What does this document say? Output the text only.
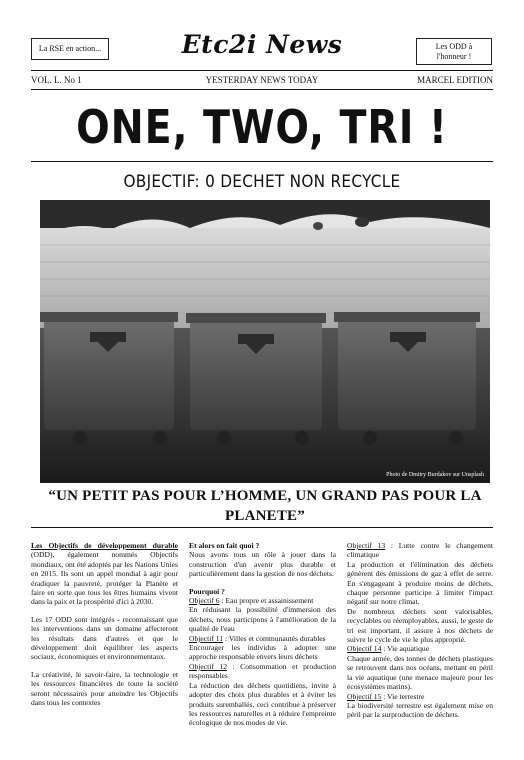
La RSE en action...	Etc2i News	Les ODD à
l'honneur !
YESTERDAY NEWS TODAY
VOL. L. No 1	MARCEL EDITION
ONE, TWO, TRI !
OBJECTIF: 0 DECHET NON RECYCLE
Photo de Dmitry Burdakov sur Unsplash
“UN PETIT PAS POUR L’HOMME, UN GRAND PAS POUR LA
PLANETE”

Les Objectifs de développement durable (ODD), également nommés Objectifs mondiaux, ont été adoptés par les Nations Unies en 2015. Ils sont un appel mondial à agir pour éradiquer la pauvreté, protéger la Planète et faire en sorte que tous les êtres humains vivent dans la paix et la prospérité d'ici à 2030.

Les 17 ODD sont intégrés - reconnaissant que les interventions dans un domaine affecteront les résultats dans d'autres et que le développement doit équilibrer les aspects sociaux, économiques et environnementaux.

La créativité, le savoir-faire, la technologie et les ressources financières de toute la société seront nécessaires pour atteindre les Objectifs dans tous les contextes

Et alors on fait quoi ?

Nous avons tous un rôle à jouer dans la construction d'un avenir plus durable et particulièrement dans la gestion de nos déchets.

Pourquoi ?

Objectif 6 : Eau propre et assainissement

En réduisant la possibilité d'immersion des déchets, nous participons à l'amélioration de la qualité de l'eau

Objectif 11 : Villes et communautés durables

Encourager les individus à adopter une approche responsable envers leurs déchets

Objectif 12 : Consommation et production responsables

La réduction des déchets quotidiens, invite à adopter des choix plus durables et à éviter les produits suremballés, ceci contribue à préserver les ressources naturelles et à réduire l'empreinte écologique de nos modes de vie.

Objectif 13 : Lutte contre le changement climatique

La production et l'élimination des déchets génèrent des émissions de gaz à effet de serre. En s'engageant à produire moins de déchets, chaque personne participe à limiter l'impact négatif sur notre climat.

De nombreux déchets sont valorisables, recyclables ou réemployables, aussi, le geste de tri est important, il assure à nos déchets de suivre le cycle de vie le plus approprié.

Objectif 14 : Vie aquatique

Chaque année, des tonnes de déchets plastiques se retrouvent dans nos océans, mettant en péril la vie aquatique (une menace majeure pour les écosystèmes marins).

Objectif 15 : Vie terrestre

La biodiversité terrestre est également mise en péril par la surproduction de déchets.
